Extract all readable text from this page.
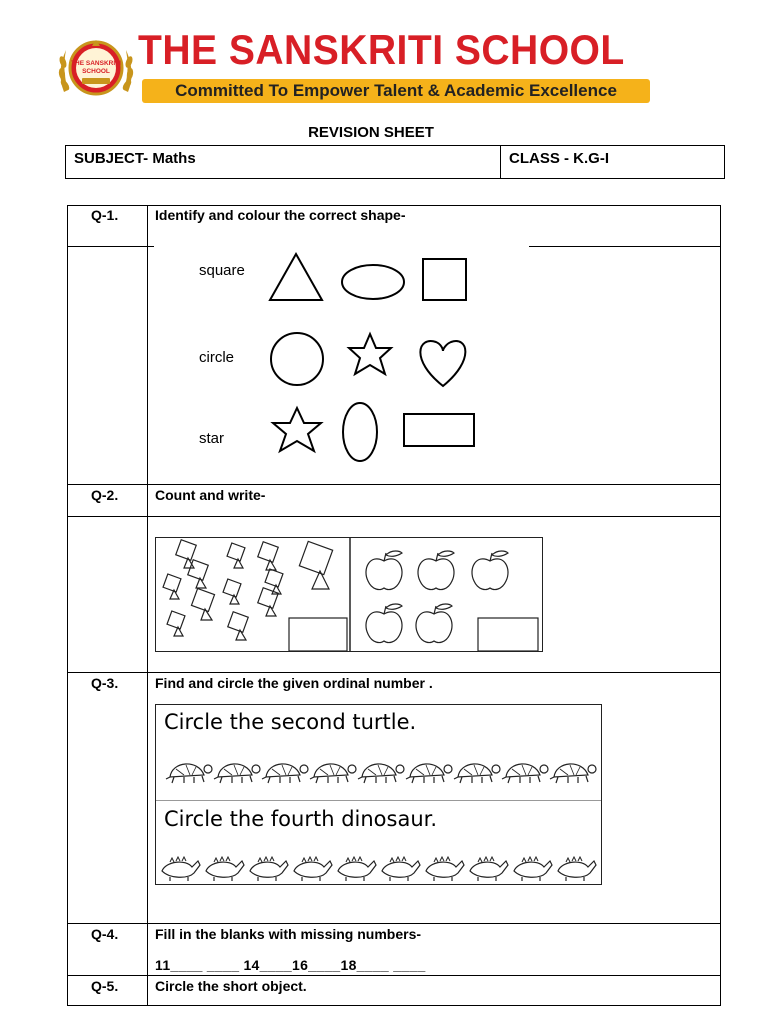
THE SANSKRITI
SCHOOL THE SANSKRITI SCHOOL
Committed To Empower Talent & Academic Excellence
REVISION SHEET
SUBJECT- Maths	CLASS - K.G-I
Q-1.	Identify and colour the correct shape-
Q-2.	Count and write-
Q-3.	Find and circle the given ordinal number .
Q-4.	Fill in the blanks with missing numbers-
11____ ____ 14____16____18____ ____
Q-5.	Circle the short object.
square
circle
star
Circle the second turtle.
Circle the fourth dinosaur.
